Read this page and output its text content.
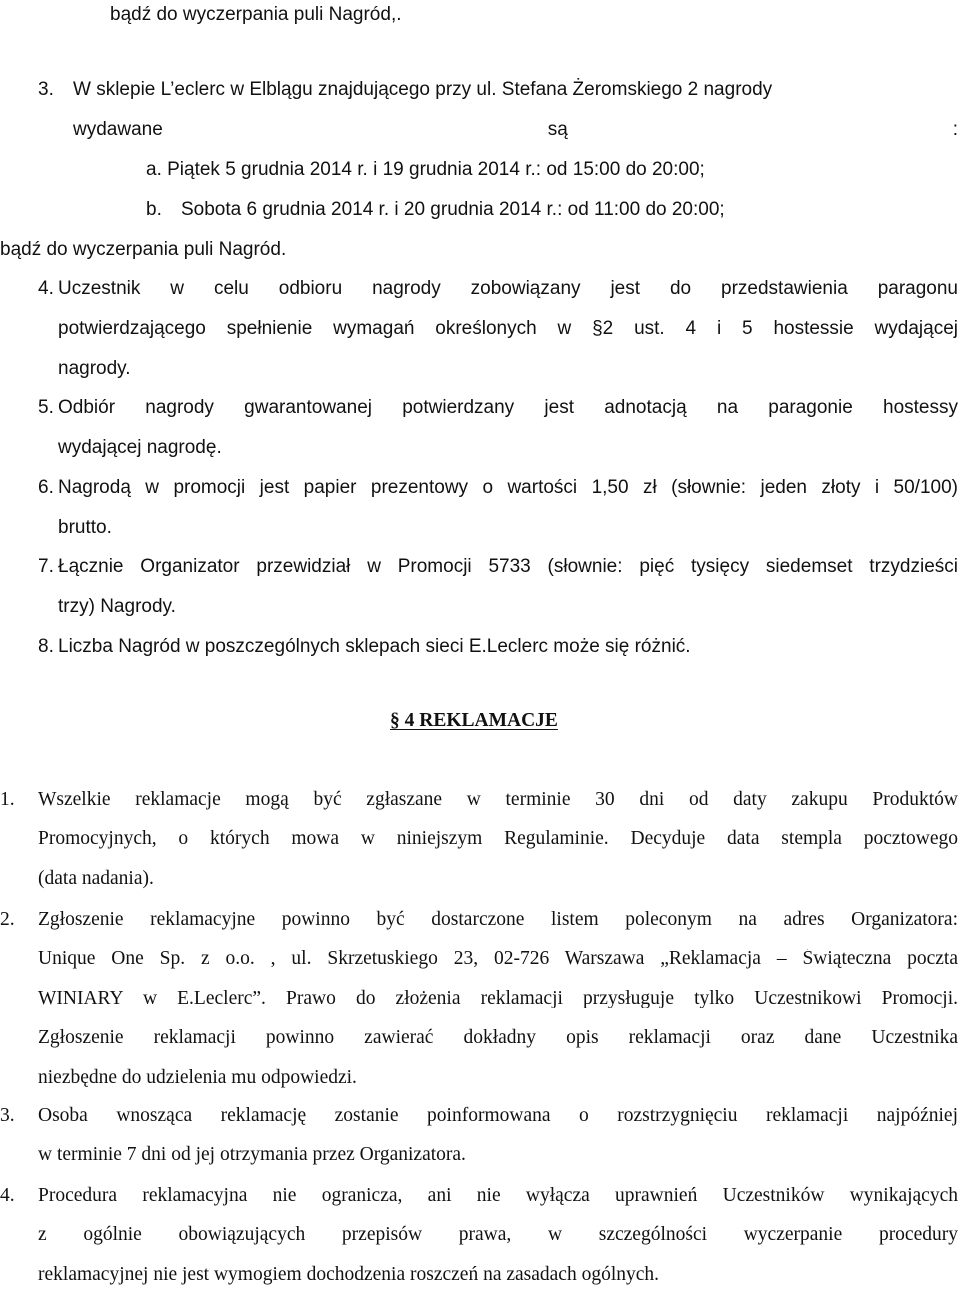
bądź do wyczerpania puli Nagród,.
3. W sklepie L’eclerc w Elblągu znajdującego przy ul. Stefana Żeromskiego 2 nagrody
wydawane	są	:
a. Piątek 5 grudnia 2014 r. i 19 grudnia 2014 r.: od 15:00 do 20:00;
b. Sobota 6 grudnia 2014 r. i 20 grudnia 2014 r.: od 11:00 do 20:00;
bądź do wyczerpania puli Nagród.
4. Uczestnik w celu odbioru nagrody zobowiązany jest do przedstawienia paragonu
potwierdzającego spełnienie wymagań określonych w §2 ust. 4 i 5 hostessie wydającej
nagrody.
5. Odbiór nagrody gwarantowanej potwierdzany jest adnotacją na paragonie hostessy
wydającej nagrodę.
6. Nagrodą w promocji jest papier prezentowy o wartości 1,50 zł (słownie: jeden złoty i 50/100)
brutto.
7. Łącznie Organizator przewidział w Promocji 5733 (słownie: pięć tysięcy siedemset trzydzieści
trzy) Nagrody.
8. Liczba Nagród w poszczególnych sklepach sieci E.Leclerc może się różnić.
§ 4 REKLAMACJE
1. Wszelkie reklamacje mogą być zgłaszane w terminie 30 dni od daty zakupu Produktów
Promocyjnych, o których mowa w niniejszym Regulaminie. Decyduje data stempla pocztowego
(data nadania).
2. Zgłoszenie reklamacyjne powinno być dostarczone listem poleconym na adres Organizatora:
Unique One Sp. z o.o. , ul. Skrzetuskiego 23, 02-726 Warszawa „Reklamacja – Świąteczna poczta
WINIARY w E.Leclerc”. Prawo do złożenia reklamacji przysługuje tylko Uczestnikowi Promocji.
Zgłoszenie reklamacji powinno zawierać dokładny opis reklamacji oraz dane Uczestnika
niezbędne do udzielenia mu odpowiedzi.
3. Osoba wnosząca reklamację zostanie poinformowana o rozstrzygnięciu reklamacji najpóźniej
w terminie 7 dni od jej otrzymania przez Organizatora.
4. Procedura reklamacyjna nie ogranicza, ani nie wyłącza uprawnień Uczestników wynikających
z ogólnie obowiązujących przepisów prawa, w szczególności wyczerpanie procedury
reklamacyjnej nie jest wymogiem dochodzenia roszczeń na zasadach ogólnych.
